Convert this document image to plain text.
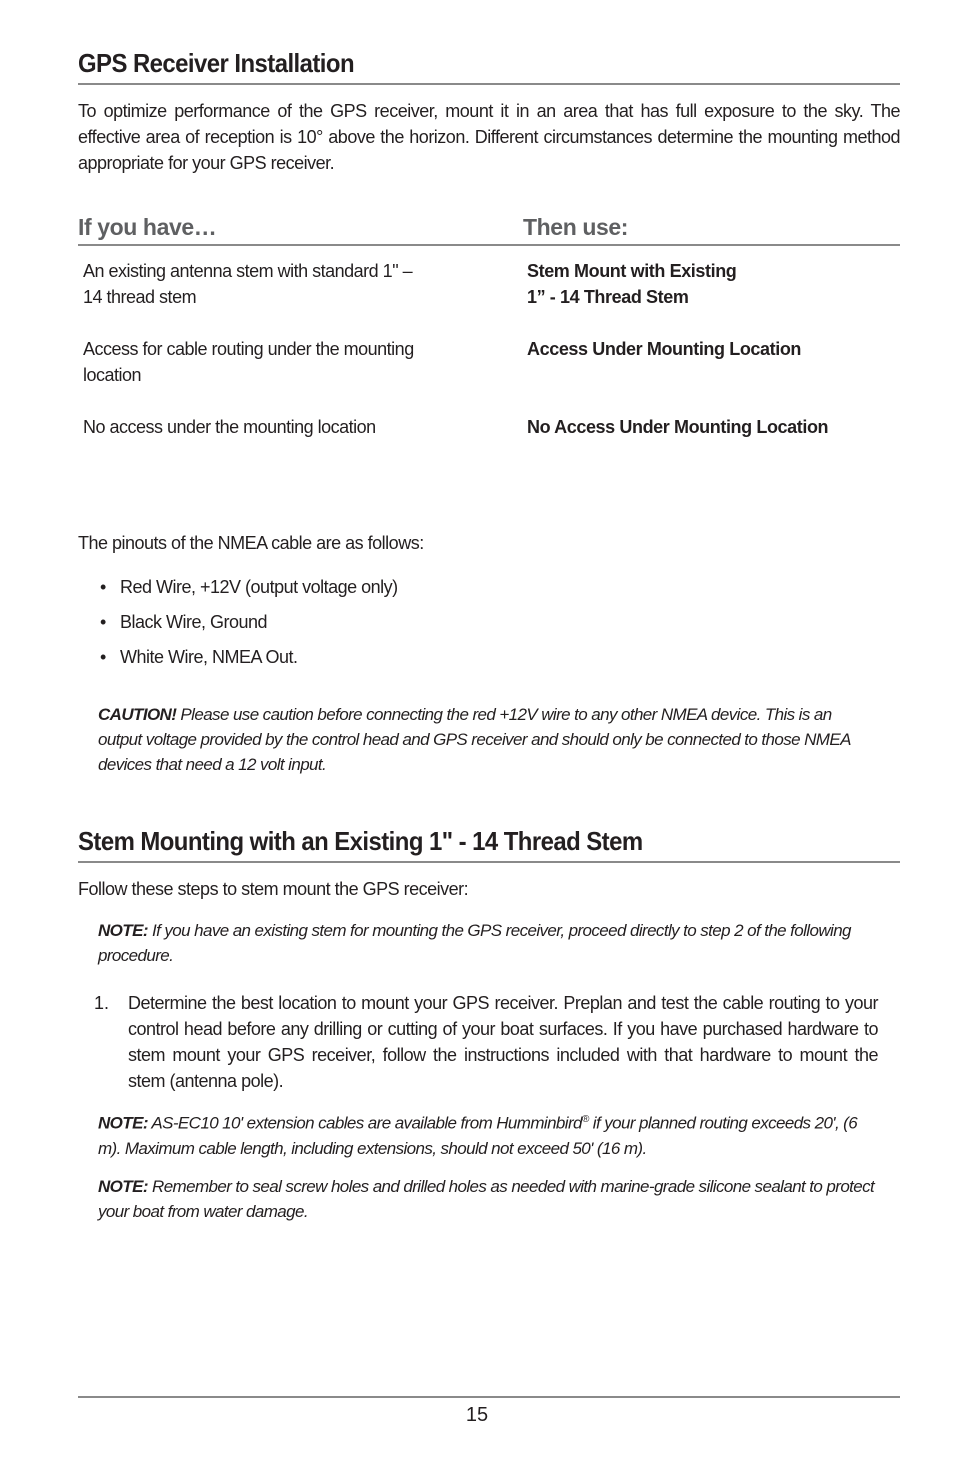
GPS Receiver Installation
To optimize performance of the GPS receiver, mount it in an area that has full exposure to the sky. The effective area of reception is 10° above the horizon. Different circumstances determine the mounting method appropriate for your GPS receiver.
If you have…	Then use:
An existing antenna stem with standard 1" –
14 thread stem
Stem Mount with Existing
1” - 14 Thread Stem
Access for cable routing under the mounting
location
Access Under Mounting Location
No access under the mounting location	No Access Under Mounting Location
The pinouts of the NMEA cable are as follows:
• Red Wire, +12V (output voltage only)
• Black Wire, Ground
• White Wire, NMEA Out.
CAUTION! Please use caution before connecting the red +12V wire to any other NMEA device. This is an output voltage provided by the control head and GPS receiver and should only be connected to those NMEA devices that need a 12 volt input.
Stem Mounting with an Existing 1" - 14 Thread Stem
Follow these steps to stem mount the GPS receiver:
NOTE: If you have an existing stem for mounting the GPS receiver, proceed directly to step 2 of the following procedure.
1. Determine the best location to mount your GPS receiver. Preplan and test the cable routing to your control head before any drilling or cutting of your boat surfaces. If you have purchased hardware to stem mount your GPS receiver, follow the instructions included with that hardware to mount the stem (antenna pole).
NOTE: AS-EC10 10' extension cables are available from Humminbird® if your planned routing exceeds 20', (6 m). Maximum cable length, including extensions, should not exceed 50' (16 m).
NOTE: Remember to seal screw holes and drilled holes as needed with marine-grade silicone sealant to protect your boat from water damage.
15
